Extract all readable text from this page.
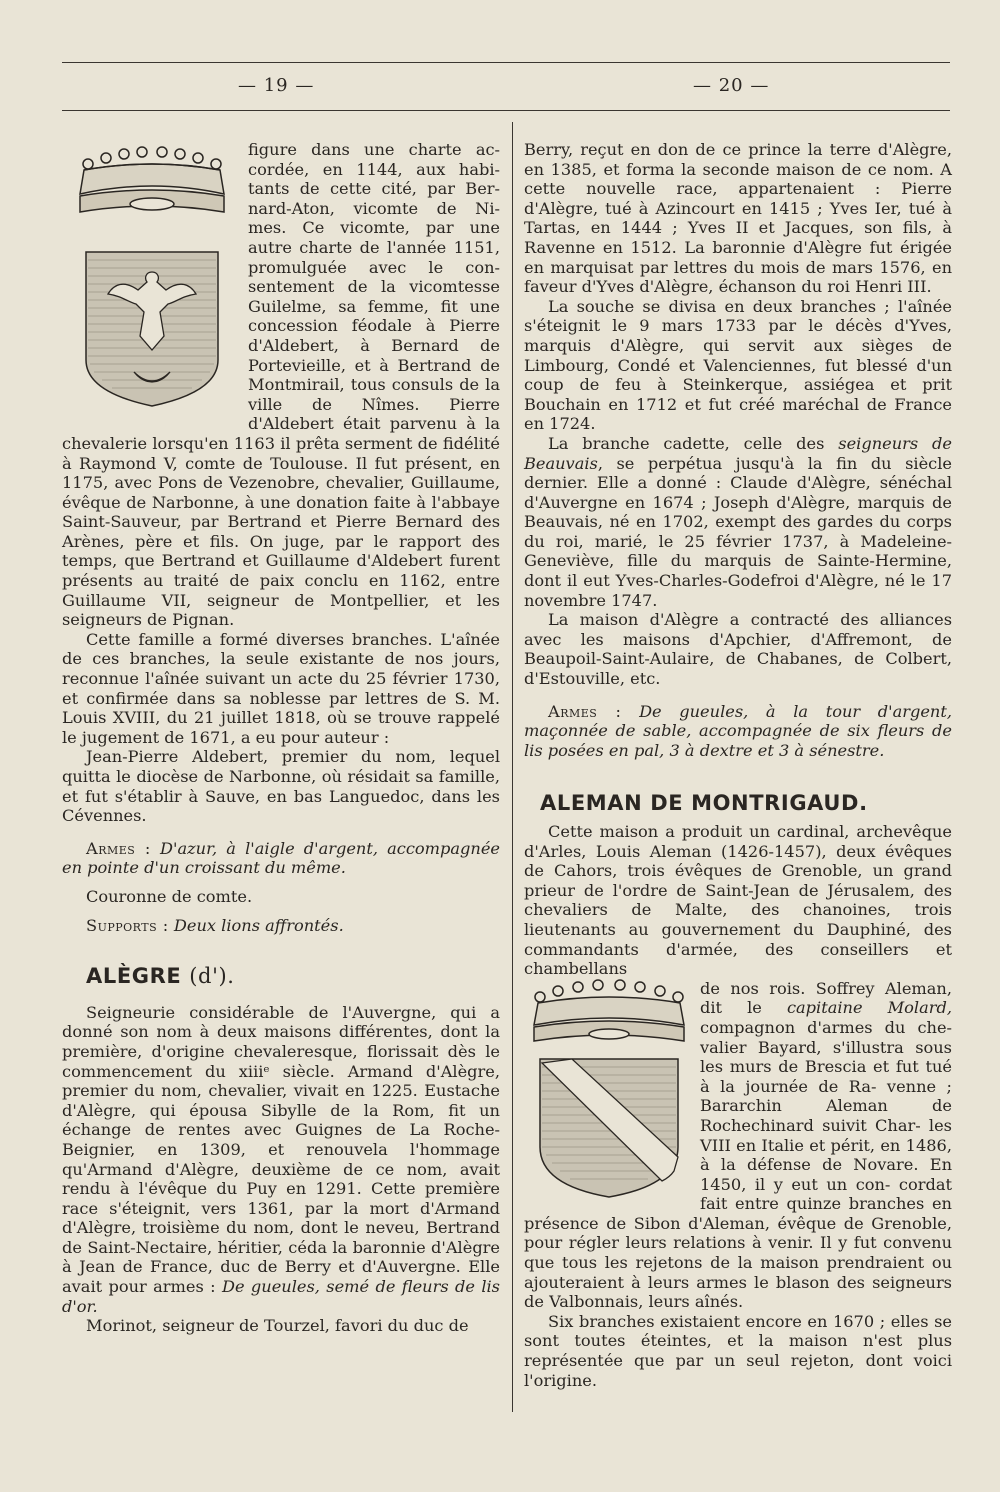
— 19 —	— 20 —

figure dans une charte ac- cordée, en 1144, aux habi- tants de cette cité, par Ber- nard-Aton, vicomte de Ni- mes. Ce vicomte, par une autre charte de l'année 1151, promulguée avec le con- sentement de la vicomtesse Guilelme, sa femme, fit une concession féodale à Pierre d'Aldebert, à Bernard de Portevieille, et à Bertrand de Montmirail, tous consuls de la ville de Nîmes. Pierre d'Aldebert était parvenu à la chevalerie lorsqu'en 1163 il prêta serment de fidélité à Raymond V, comte de Toulouse. Il fut présent, en 1175, avec Pons de Vezenobre, chevalier, Guillaume, évêque de Narbonne, à une donation faite à l'abbaye Saint-Sauveur, par Bertrand et Pierre Bernard des Arènes, père et fils. On juge, par le rapport des temps, que Bertrand et Guillaume d'Aldebert furent présents au traité de paix conclu en 1162, entre Guillaume VII, seigneur de Montpellier, et les seigneurs de Pignan.

Cette famille a formé diverses branches. L'aînée de ces branches, la seule existante de nos jours, reconnue l'aînée suivant un acte du 25 février 1730, et confirmée dans sa noblesse par lettres de S. M. Louis XVIII, du 21 juillet 1818, où se trouve rappelé le jugement de 1671, a eu pour auteur :

Jean-Pierre Aldebert, premier du nom, lequel quitta le diocèse de Narbonne, où résidait sa famille, et fut s'établir à Sauve, en bas Languedoc, dans les Cévennes.

Armes : D'azur, à l'aigle d'argent, accompagnée en pointe d'un croissant du même.

Couronne de comte.

Supports : Deux lions affrontés.

ALÈGRE (d').

Seigneurie considérable de l'Auvergne, qui a donné son nom à deux maisons différentes, dont la première, d'origine chevaleresque, florissait dès le commencement du xiiiᵉ siècle. Armand d'Alègre, premier du nom, chevalier, vivait en 1225. Eustache d'Alègre, qui épousa Sibylle de la Rom, fit un échange de rentes avec Guignes de La Roche-Beignier, en 1309, et renouvela l'hommage qu'Armand d'Alègre, deuxième de ce nom, avait rendu à l'évêque du Puy en 1291. Cette première race s'éteignit, vers 1361, par la mort d'Armand d'Alègre, troisième du nom, dont le neveu, Bertrand de Saint-Nectaire, héritier, céda la baronnie d'Alègre à Jean de France, duc de Berry et d'Auvergne. Elle avait pour armes : De gueules, semé de fleurs de lis d'or.

Morinot, seigneur de Tourzel, favori du duc de

Berry, reçut en don de ce prince la terre d'Alègre, en 1385, et forma la seconde maison de ce nom. A cette nouvelle race, appartenaient : Pierre d'Alègre, tué à Azincourt en 1415 ; Yves Ier, tué à Tartas, en 1444 ; Yves II et Jacques, son fils, à Ravenne en 1512. La baronnie d'Alègre fut érigée en marquisat par lettres du mois de mars 1576, en faveur d'Yves d'Alègre, échanson du roi Henri III.

La souche se divisa en deux branches ; l'aînée s'éteignit le 9 mars 1733 par le décès d'Yves, marquis d'Alègre, qui servit aux sièges de Limbourg, Condé et Valenciennes, fut blessé d'un coup de feu à Steinkerque, assiégea et prit Bouchain en 1712 et fut créé maréchal de France en 1724.

La branche cadette, celle des seigneurs de Beauvais, se perpétua jusqu'à la fin du siècle dernier. Elle a donné : Claude d'Alègre, sénéchal d'Auvergne en 1674 ; Joseph d'Alègre, marquis de Beauvais, né en 1702, exempt des gardes du corps du roi, marié, le 25 février 1737, à Madeleine-Geneviève, fille du marquis de Sainte-Hermine, dont il eut Yves-Charles-Godefroi d'Alègre, né le 17 novembre 1747.

La maison d'Alègre a contracté des alliances avec les maisons d'Apchier, d'Affremont, de Beaupoil-Saint-Aulaire, de Chabanes, de Colbert, d'Estouville, etc.

Armes : De gueules, à la tour d'argent, maçonnée de sable, accompagnée de six fleurs de lis posées en pal, 3 à dextre et 3 à sénestre.

ALEMAN DE MONTRIGAUD.

Cette maison a produit un cardinal, archevêque d'Arles, Louis Aleman (1426-1457), deux évêques de Cahors, trois évêques de Grenoble, un grand prieur de l'ordre de Saint-Jean de Jérusalem, des chevaliers de Malte, des chanoines, trois lieutenants au gouvernement du Dauphiné, des commandants d'armée, des conseillers et chambellans

de nos rois. Soffrey Aleman, dit le capitaine Molard, compagnon d'armes du che- valier Bayard, s'illustra sous les murs de Brescia et fut tué à la journée de Ra- venne ; Bararchin Aleman	de Rochechinard suivit Char- les VIII en Italie et périt, en 1486, à la défense de Novare. En 1450, il y eut un con- cordat fait entre quinze branches en présence de Sibon d'Aleman, évêque de Grenoble, pour régler leurs relations à venir. Il y fut convenu que tous les rejetons de la maison prendraient ou ajouteraient à leurs armes le blason des seigneurs de Valbonnais, leurs aînés.

Six branches existaient encore en 1670 ; elles se sont toutes éteintes, et la maison n'est plus représentée que par un seul rejeton, dont voici l'origine.
